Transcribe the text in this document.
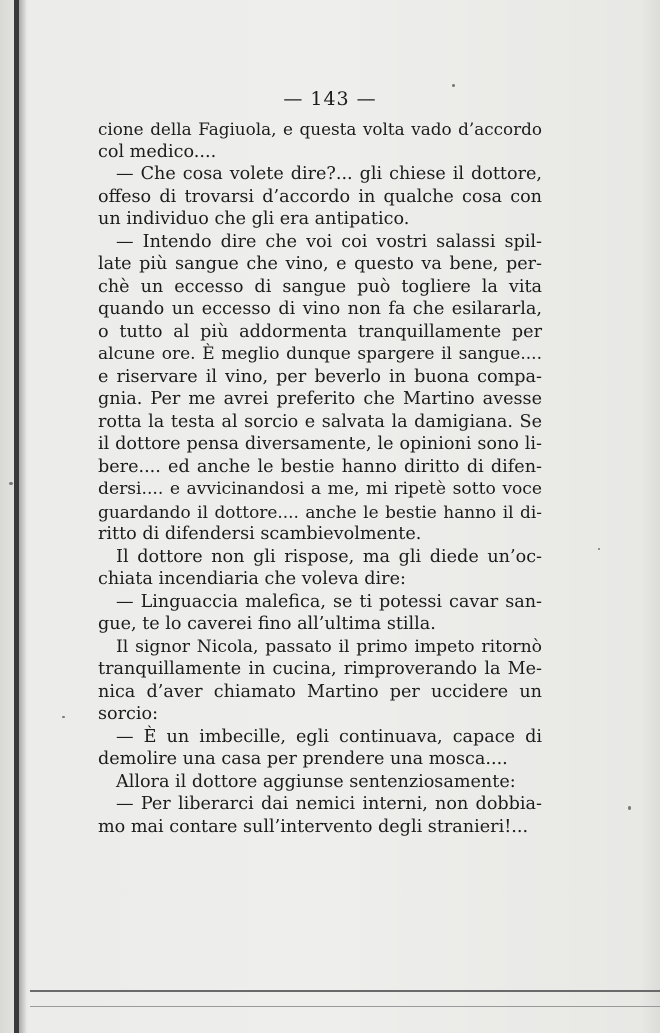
— 143 —
cione della Fagiuola, e questa volta vado d’accordo
col medico....
— Che cosa volete dire?... gli chiese il dottore,
offeso di trovarsi d’accordo in qualche cosa con
un individuo che gli era antipatico.
— Intendo dire che voi coi vostri salassi spil-
late più sangue che vino, e questo va bene, per-
chè un eccesso di sangue può togliere la vita
quando un eccesso di vino non fa che esilararla,
o tutto al più addormenta tranquillamente per
alcune ore. È meglio dunque spargere il sangue....
e riservare il vino, per beverlo in buona compa-
gnia. Per me avrei preferito che Martino avesse
rotta la testa al sorcio e salvata la damigiana. Se
il dottore pensa diversamente, le opinioni sono li-
bere.... ed anche le bestie hanno diritto di difen-
dersi.... e avvicinandosi a me, mi ripetè sotto voce
guardando il dottore.... anche le bestie hanno il di-
ritto di difendersi scambievolmente.
Il dottore non gli rispose, ma gli diede un’oc-
chiata incendiaria che voleva dire:
— Linguaccia malefica, se ti potessi cavar san-
gue, te lo caverei fino all’ultima stilla.
Il signor Nicola, passato il primo impeto ritornò
tranquillamente in cucina, rimproverando la Me-
nica d’aver chiamato Martino per uccidere un
sorcio:
— È un imbecille, egli continuava, capace di
demolire una casa per prendere una mosca....
Allora il dottore aggiunse sentenziosamente:
— Per liberarci dai nemici interni, non dobbia-
mo mai contare sull’intervento degli stranieri!...
